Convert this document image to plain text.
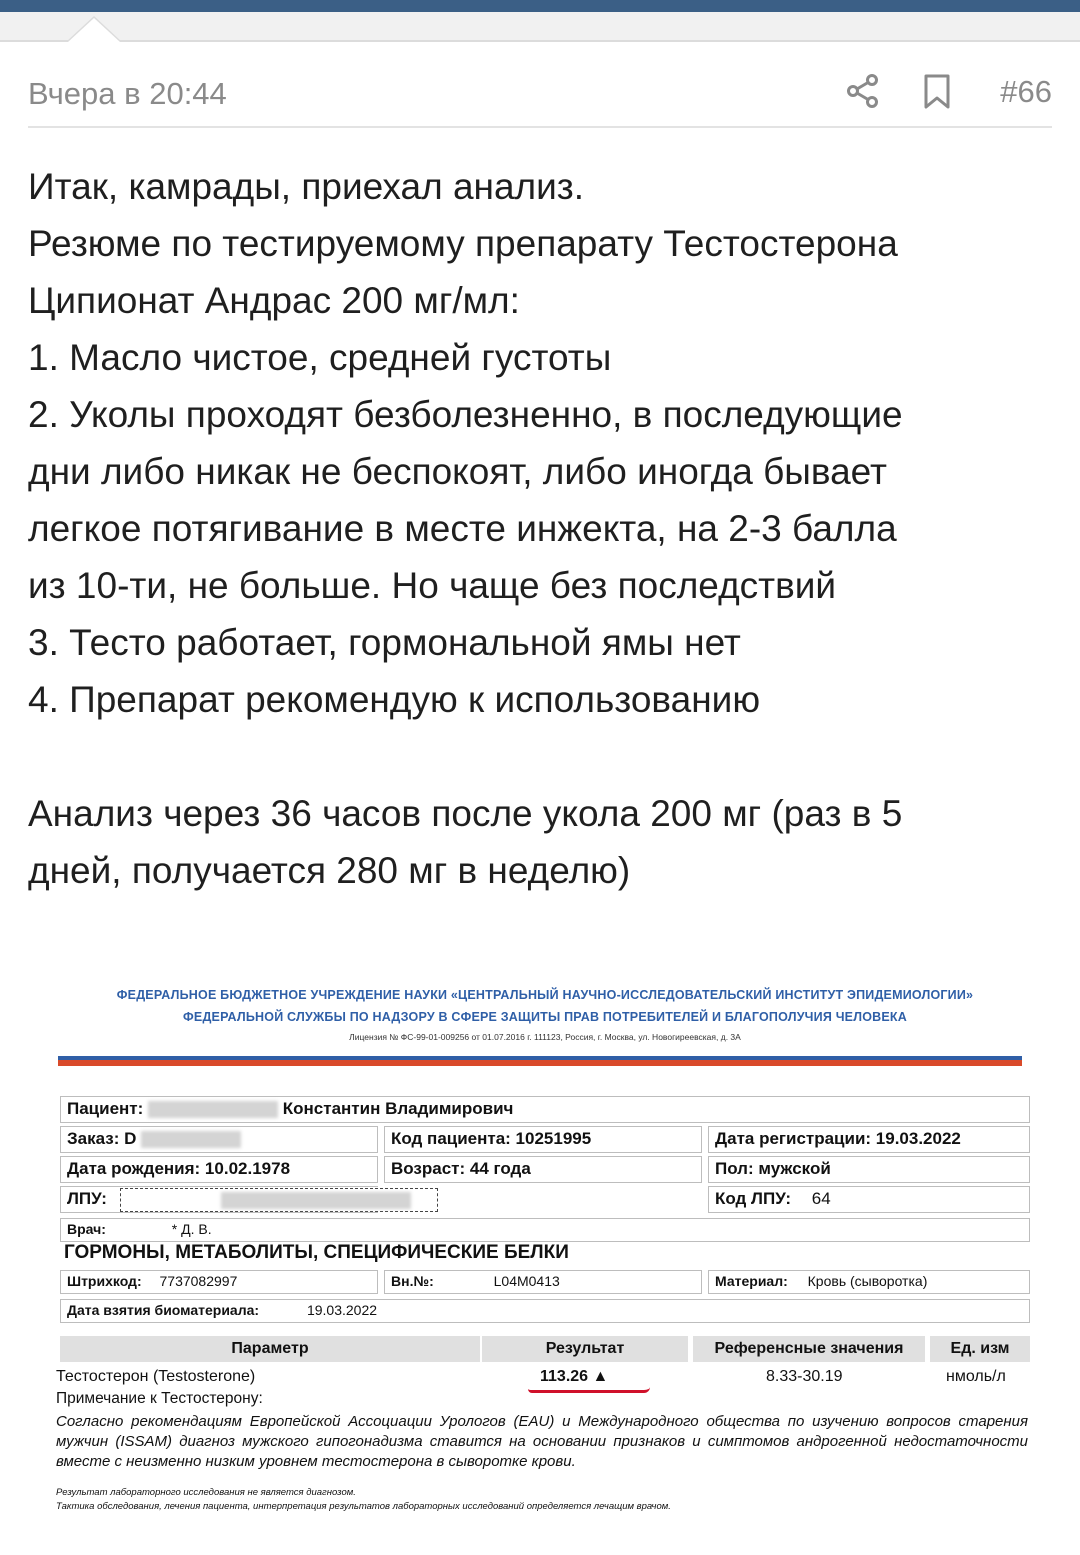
Вчера в 20:44	#66

Итак, камрады, приехал анализ.

Резюме по тестируемому препарату Тестостерона

Ципионат Андрас 200 мг/мл:

1. Масло чистое, средней густоты

2. Уколы проходят безболезненно, в последующие

дни либо никак не беспокоят, либо иногда бывает

легкое потягивание в месте инжекта, на 2-3 балла

из 10-ти, не больше. Но чаще без последствий

3. Тесто работает, гормональной ямы нет

4. Препарат рекомендую к использованию

Анализ через 36 часов после укола 200 мг (раз в 5

дней, получается 280 мг в неделю)

ФЕДЕРАЛЬНОЕ БЮДЖЕТНОЕ УЧРЕЖДЕНИЕ НАУКИ «ЦЕНТРАЛЬНЫЙ НАУЧНО-ИССЛЕДОВАТЕЛЬСКИЙ ИНСТИТУТ ЭПИДЕМИОЛОГИИ»
ФЕДЕРАЛЬНОЙ СЛУЖБЫ ПО НАДЗОРУ В СФЕРЕ ЗАЩИТЫ ПРАВ ПОТРЕБИТЕЛЕЙ И БЛАГОПОЛУЧИЯ ЧЕЛОВЕКА
Лицензия № ФС-99-01-009256 от 01.07.2016 г. 111123, Россия, г. Москва, ул. Новогиреевская, д. 3А
Пациент:	Константин Владимирович
Заказ: D	Код пациента: 10251995	Дата регистрации: 19.03.2022
Дата рождения: 10.02.1978	Возраст: 44 года	Пол: мужской
ЛПУ:	Код ЛПУ: 64
Врач:	* Д. В.
ГОРМОНЫ, МЕТАБОЛИТЫ, СПЕЦИФИЧЕСКИЕ БЕЛКИ
Штрихкод: 7737082997	Вн.№:	L04M0413	Материал: Кровь (сыворотка)
Дата взятия биоматериала:	19.03.2022
Параметр	Результат	Референсные значения	Ед. изм
Тестостерон (Testosterone)	113.26 ▲	8.33-30.19	нмоль/л
Примечание к Тестостерону:
Согласно рекомендациям Европейской Ассоциации Урологов (EAU) и Международного общества по изучению вопросов старения мужчин (ISSAM) диагноз мужского гипогонадизма ставится на основании признаков и симптомов андрогенной недостаточности вместе с неизменно низким уровнем тестостерона в сыворотке крови.
Результат лабораторного исследования не является диагнозом.
Тактика обследования, лечения пациента, интерпретация результатов лабораторных исследований определяется лечащим врачом.
